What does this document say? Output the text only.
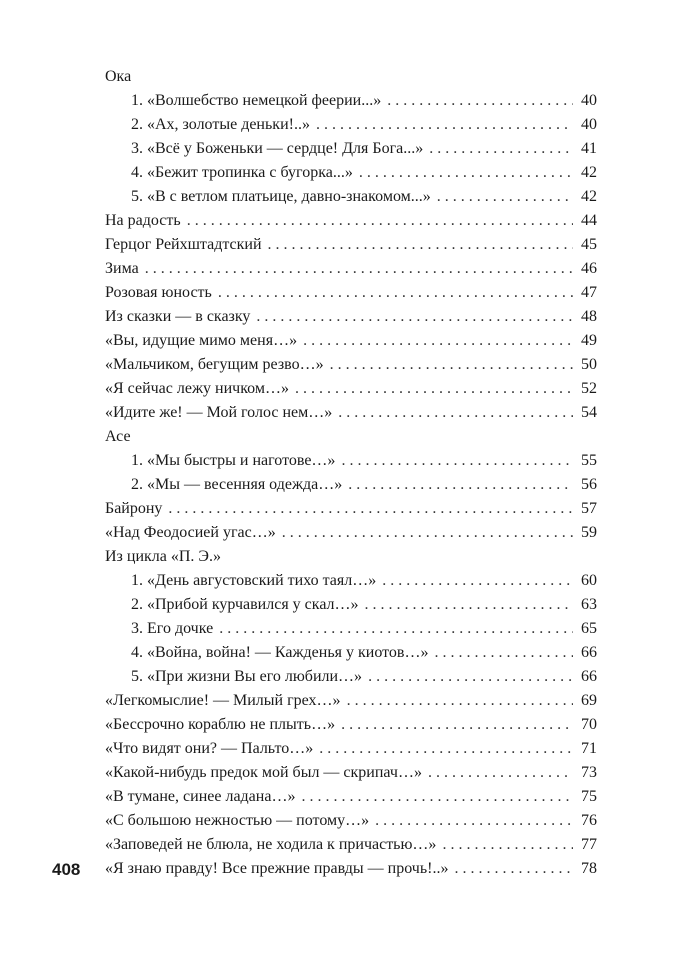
408
Ока
1. «Волшебство немецкой феерии...» . . .	40
2. «Ах, золотые деньки!..» . . .	40
3. «Всё у Боженьки — сердце! Для Бога...» . . .	41
4. «Бежит тропинка с бугорка...» . . .	42
5. «В с ветлом платьице, давно-знакомом...» . . .	42
На радость . . .	44
Герцог Рейхштадтский . . .	45
Зима . . .	46
Розовая юность . . .	47
Из сказки — в сказку . . .	48
«Вы, идущие мимо меня…» . . .	49
«Мальчиком, бегущим резво…» . . .	50
«Я сейчас лежу ничком…» . . .	52
«Идите же! — Мой голос нем…» . . .	54
Асе
1. «Мы быстры и наготове…» . . .	55
2. «Мы — весенняя одежда…» . . .	56
Байрону . . .	57
«Над Феодосией угас…» . . .	59
Из цикла «П. Э.»
1. «День августовский тихо таял…» . . .	60
2. «Прибой курчавился у скал…» . . .	63
3. Его дочке . . .	65
4. «Война, война! — Кажденья у киотов…» . . .	66
5. «При жизни Вы его любили…» . . .	66
«Легкомыслие! — Милый грех…» . . .	69
«Бессрочно кораблю не плыть…» . . .	70
«Что видят они? — Пальто…» . . .	71
«Какой-нибудь предок мой был — скрипач…» . . .	73
«В тумане, синее ладана…» . . .	75
«С большою нежностью — потому…» . . .	76
«Заповедей не блюла, не ходила к причастью…» . . .	77
«Я знаю правду! Все прежние правды — прочь!..» . . .	78
